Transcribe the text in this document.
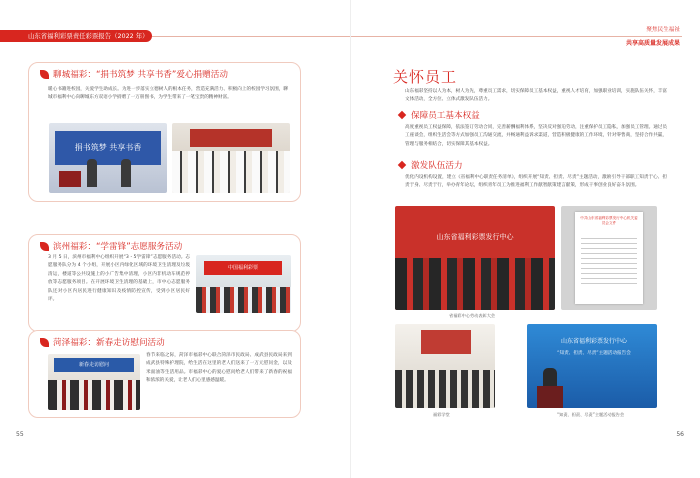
山东省福利彩票责任彩票报告（2022 年）
聊城福彩：“捐书筑梦 共享书香”爱心捐赠活动
暖心书籍进校园，关爱学生助成长。为进一步落实立德树人的根本任务，营造充满活力、积极向上的校园学习氛围，聊城市福利中心向聊城东方双语小学捐赠了一万册图书，为学生带来了一笔宝贵的精神财富。
捐书筑梦 共享书香
滨州福彩：“学雷锋”志愿服务活动
3 月 5 日，滨州市福利中心组织开展“3・5学雷锋”志愿服务活动。志愿服务队分为 4 个小组，开展小区内绿化区域的环境卫生清理及垃圾清运，楼道等公共设施上的小广告集中清理，小区内非机动车规范停放等志愿服务项目。在开展环境卫生清理的基础上，市中心志愿服务队还对小区内居民进行健康知识及疫情防控宣传，受到小区居民好评。
中国福利彩票
菏泽福彩：新春走访慰问活动
春节来临之际，菏泽市福彩中心联合菏泽市民政局、成武县民政局来到成武县特殊护理院，给生活在这里的老人们送来了一万元慰问金，以及米面油等生活用品。市福彩中心的爱心慰问给老人们带来了新春的祝福和浓浓的关爱，让老人们心里感感温暖。
新春走访慰问
55
聚焦民生福祉
共享高质量发展成果
关怀员工
山东福彩坚持以人为本，树人为先，尊重员工需求，切实保障员工基本权益，重视人才培育，加强职业培训，实施队伍关怀，丰富文体活动，全方位、立体式激发队伍活力。
保障员工基本权益
高度重视员工权益保障，依法签订劳动合同，完善薪酬福利体系，坚决反对强迫劳动，注重保护员工隐私，加强员工管理。通过员工座谈会，组织生活会等方式加强员工沟通交流，并畅通利益诉求渠道，营造积极健康的工作环境，针对零售商，坚持合作共赢，管理与服务相结合，切实保障其基本权益。
激发队伍活力
优化内设机构设置，建立《省福利中心职责任务清单》，组织开展“知责、担责、尽责”主题活动，激励引导干部职工知责于心、担责于身、尽责于行，举办青年论坛，组织青年员工为推进福利工作献智献策建言献策，形成干事创业良好奋斗氛围。
山东省福利彩票发行中心
中共山东省福利彩票发行中心机关委员会文件
省福彩中心劳动表彰大会
福彩学堂
山东省福利彩票发行中心
“知责、担责、尽责”主题活动报告会
“知责、担责、尽责”主题活动报告会
56
